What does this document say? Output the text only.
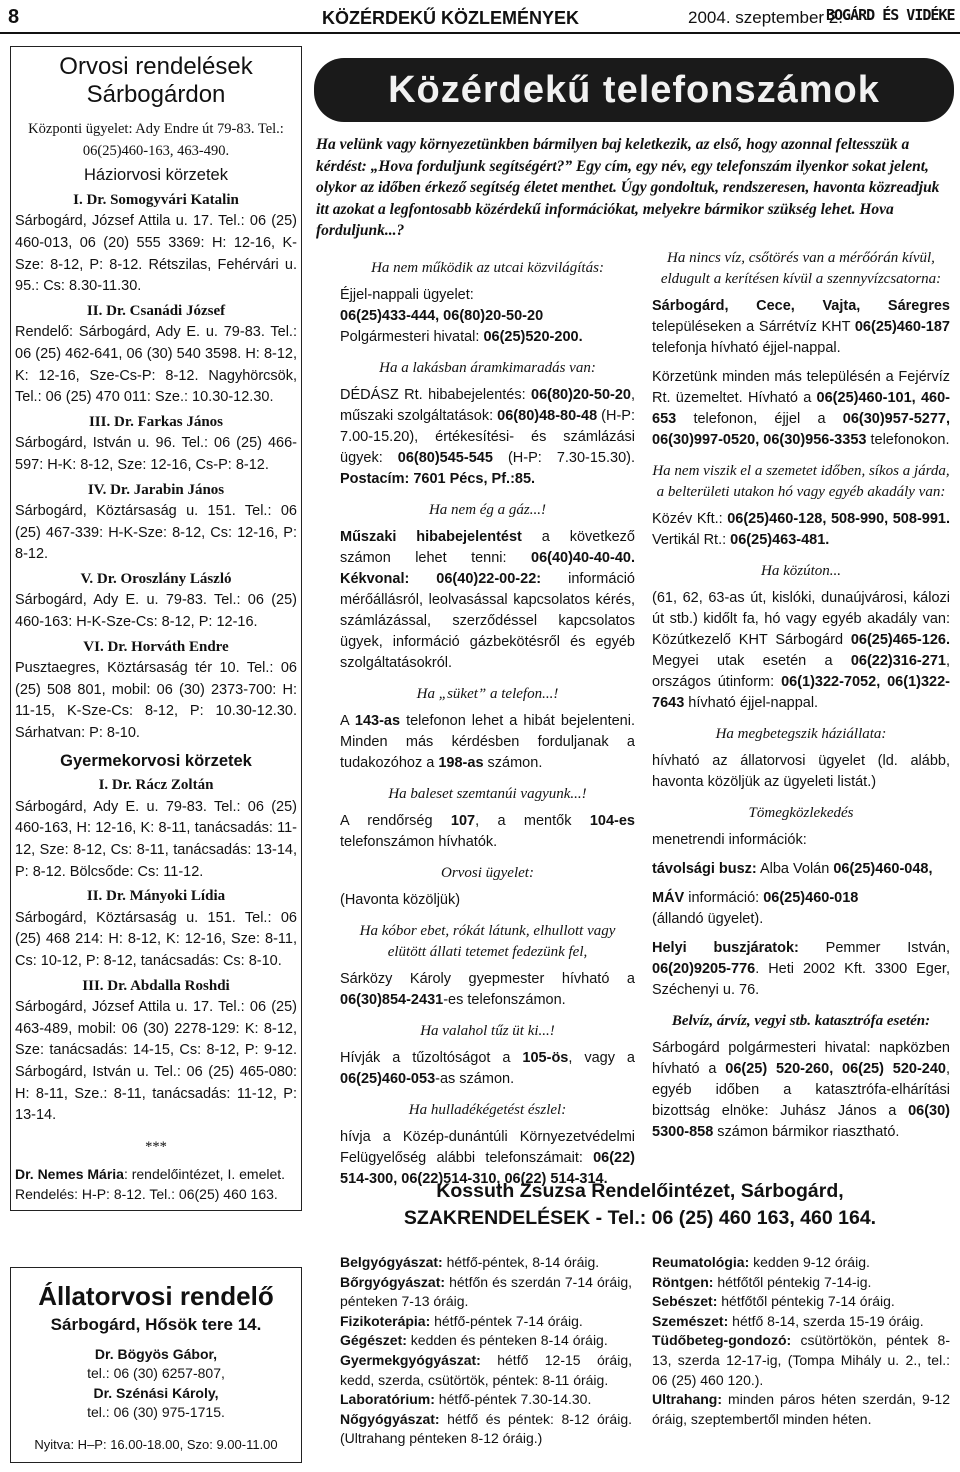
8	KÖZÉRDEKŰ KÖZLEMÉNYEK	2004. szeptember 2.
BOGÁRD ÉS VIDÉKE
Orvosi rendelések
Sárbogárdon
Központi ügyelet: Ady Endre út 79-83. Tel.: 06(25)460-163, 463-490.
Háziorvosi körzetek
I. Dr. Somogyvári Katalin
Sárbogárd, József Attila u. 17. Tel.: 06 (25) 460-013, 06 (20) 555 3369: H: 12-16, K-Sze: 8-12, P: 8-12. Rétszilas, Fehérvári u. 95.: Cs: 8.30-11.30.
II. Dr. Csanádi József
Rendelő: Sárbogárd, Ady E. u. 79-83. Tel.: 06 (25) 462-641, 06 (30) 540 3598. H: 8-12, K: 12-16, Sze-Cs-P: 8-12. Nagyhörcsök, Tel.: 06 (25) 470 011: Sze.: 10.30-12.30.
III. Dr. Farkas János
Sárbogárd, István u. 96. Tel.: 06 (25) 466-597: H-K: 8-12, Sze: 12-16, Cs-P: 8-12.
IV. Dr. Jarabin János
Sárbogárd, Köztársaság u. 151. Tel.: 06 (25) 467-339: H-K-Sze: 8-12, Cs: 12-16, P: 8-12.
V. Dr. Oroszlány László
Sárbogárd, Ady E. u. 79-83. Tel.: 06 (25) 460-163: H-K-Sze-Cs: 8-12, P: 12-16.
VI. Dr. Horváth Endre
Pusztaegres, Köztársaság tér 10. Tel.: 06 (25) 508 801, mobil: 06 (30) 2373-700: H: 11-15, K-Sze-Cs: 8-12, P: 10.30-12.30. Sárhatvan: P: 8-10.
Gyermekorvosi körzetek
I. Dr. Rácz Zoltán
Sárbogárd, Ady E. u. 79-83. Tel.: 06 (25) 460-163, H: 12-16, K: 8-11, tanácsadás: 11-12, Sze: 8-12, Cs: 8-11, tanácsadás: 13-14, P: 8-12. Bölcsőde: Cs: 11-12.
II. Dr. Mányoki Lídia
Sárbogárd, Köztársaság u. 151. Tel.: 06 (25) 468 214: H: 8-12, K: 12-16, Sze: 8-11, Cs: 10-12, P: 8-12, tanácsadás: Cs: 8-10.
III. Dr. Abdalla Roshdi
Sárbogárd, József Attila u. 17. Tel.: 06 (25) 463-489, mobil: 06 (30) 2278-129: K: 8-12, Sze: tanácsadás: 14-15, Cs: 8-12, P: 9-12. Sárbogárd, István u. Tel.: 06 (25) 465-080: H: 8-11, Sze.: 8-11, tanácsadás: 11-12, P: 13-14.
***
Dr. Nemes Mária: rendelőintézet, I. emelet.
Rendelés: H-P: 8-12. Tel.: 06(25) 460 163.
Állatorvosi rendelő
Sárbogárd, Hősök tere 14.
Dr. Bögyös Gábor,
tel.: 06 (30) 6257-807,
Dr. Szénási Károly,
tel.: 06 (30) 975-1715.
Nyitva: H–P: 16.00-18.00, Szo: 9.00-11.00
Közérdekű telefonszámok
Ha velünk vagy környezetünkben bármilyen baj keletkezik, az első, hogy azonnal feltesszük a kérdést: „Hova forduljunk segítségért?” Egy cím, egy név, egy telefonszám ilyenkor sokat jelent, olykor az időben érkező segítség életet menthet. Úgy gondoltuk, rendszeresen, havonta közreadjuk itt azokat a legfontosabb közérdekű információkat, melyekre bármikor szükség lehet. Hova forduljunk...?
Ha nem működik az utcai közvilágítás:
Éjjel-nappali ügyelet:
06(25)433-444, 06(80)20-50-20
Polgármesteri hivatal: 06(25)520-200.
Ha a lakásban áramkimaradás van:
DÉDÁSZ Rt. hibabejelentés: 06(80)20-50-20, műszaki szolgáltatások: 06(80)48-80-48 (H-P: 7.00-15.20), értékesítési- és számlázási ügyek: 06(80)545-545 (H-P: 7.30-15.30). Postacím: 7601 Pécs, Pf.:85.
Ha nem ég a gáz...!
Műszaki hibabejelentést a következő számon lehet tenni: 06(40)40-40-40. Kékvonal: 06(40)22-00-22: információ mérőállásról, leolvasással kapcsolatos kérés, számlázással, szerződéssel kapcsolatos ügyek, információ gázbekötésről és egyéb szolgáltatásokról.
Ha „süket” a telefon...!
A 143-as telefonon lehet a hibát bejelenteni. Minden más kérdésben forduljanak a tudakozóhoz a 198-as számon.
Ha baleset szemtanúi vagyunk...!
A rendőrség 107, a mentők 104-es telefonszámon hívhatók.
Orvosi ügyelet:
(Havonta közöljük)
Ha kóbor ebet, rókát látunk, elhullott vagy elütött állati tetemet fedezünk fel,
Sárközy Károly gyepmester hívható a 06(30)854-2431-es telefonszámon.
Ha valahol tűz üt ki...!
Hívják a tűzoltóságot a 105-ös, vagy a 06(25)460-053-as számon.
Ha hulladékégetést észlel:
hívja a Közép-dunántúli Környezetvédelmi Felügyelőség alábbi telefonszámait: 06(22) 514-300, 06(22)514-310, 06(22) 514-314.
Ha nincs víz, csőtörés van a mérőórán kívül, eldugult a kerítésen kívül a szennyvízcsatorna:
Sárbogárd, Cece, Vajta, Sáregres településeken a Sárrétvíz KHT 06(25)460-187 telefonja hívható éjjel-nappal.
Körzetünk minden más településén a Fejérvíz Rt. üzemeltet. Hívható a 06(25)460-101, 460-653 telefonon, éjjel a 06(30)957-5277, 06(30)997-0520, 06(30)956-3353 telefonokon.
Ha nem viszik el a szemetet időben, síkos a járda, a belterületi utakon hó vagy egyéb akadály van:
Közév Kft.: 06(25)460-128, 508-990, 508-991. Vertikál Rt.: 06(25)463-481.
Ha közúton...
(61, 62, 63-as út, kislóki, dunaújvárosi, kálozi út stb.) kidőlt fa, hó vagy egyéb akadály van: Közútkezelő KHT Sárbogárd 06(25)465-126. Megyei utak esetén a 06(22)316-271, országos útinform: 06(1)322-7052, 06(1)322-7643 hívható éjjel-nappal.
Ha megbetegszik háziállata:
hívható az állatorvosi ügyelet (ld. alább, havonta közöljük az ügyeleti listát.)
Tömegközlekedés
menetrendi információk:
távolsági busz: Alba Volán 06(25)460-048,
MÁV információ: 06(25)460-018
(állandó ügyelet).
Helyi buszjáratok: Pemmer István, 06(20)9205-776. Heti 2002 Kft. 3300 Eger, Széchenyi u. 76.
Belvíz, árvíz, vegyi stb. katasztrófa esetén:
Sárbogárd polgármesteri hivatal: napközben hívható a 06(25) 520-260, 06(25) 520-240, egyéb időben a katasztrófa-elhárítási bizottság elnöke: Juhász János a 06(30) 5300-858 számon bármikor riasztható.
Kossuth Zsuzsa Rendelőintézet, Sárbogárd,
SZAKRENDELÉSEK - Tel.: 06 (25) 460 163, 460 164.
Belgyógyászat: hétfő-péntek, 8-14 óráig.
Bőrgyógyászat: hétfőn és szerdán 7-14 óráig, pénteken 7-13 óráig.
Fizikoterápia: hétfő-péntek 7-14 óráig.
Gégészet: kedden és pénteken 8-14 óráig.
Gyermekgyógyászat: hétfő 12-15 óráig, kedd, szerda, csütörtök, péntek: 8-11 óráig.
Laboratórium: hétfő-péntek 7.30-14.30.
Nőgyógyászat: hétfő és péntek: 8-12 óráig. (Ultrahang pénteken 8-12 óráig.)
Reumatológia: kedden 9-12 óráig.
Röntgen: hétfőtől péntekig 7-14-ig.
Sebészet: hétfőtől péntekig 7-14 óráig.
Szemészet: hétfő 8-14, szerda 15-19 óráig.
Tüdőbeteg-gondozó: csütörtökön, péntek 8-13, szerda 12-17-ig, (Tompa Mihály u. 2., tel.: 06 (25) 460 120.).
Ultrahang: minden páros héten szerdán, 9-12 óráig, szeptembertől minden héten.
